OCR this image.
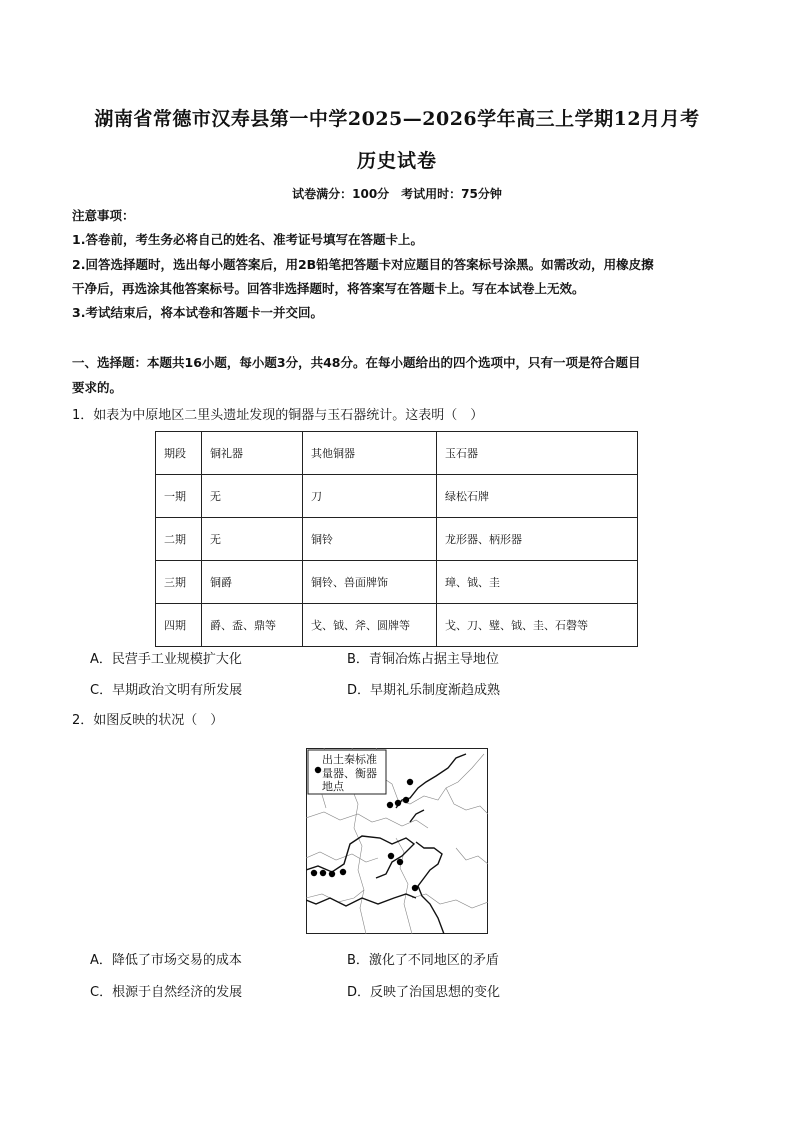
湖南省常德市汉寿县第一中学2025—2026学年高三上学期12月月考
历史试卷
试卷满分：100分　考试用时：75分钟
注意事项：
1.答卷前，考生务必将自己的姓名、准考证号填写在答题卡上。
2.回答选择题时，选出每小题答案后，用2B铅笔把答题卡对应题目的答案标号涂黑。如需改动，用橡皮擦
干净后，再选涂其他答案标号。回答非选择题时，将答案写在答题卡上。写在本试卷上无效。
3.考试结束后，将本试卷和答题卡一并交回。
一、选择题：本题共16小题，每小题3分，共48分。在每小题给出的四个选项中，只有一项是符合题目
要求的。
1．如表为中原地区二里头遗址发现的铜器与玉石器统计。这表明（　）
期段	铜礼器	其他铜器	玉石器
一期	无	刀	绿松石牌
二期	无	铜铃	龙形器、柄形器
三期	铜爵	铜铃、兽面牌饰	璋、钺、圭
四期	爵、盉、鼎等	戈、钺、斧、圆牌等	戈、刀、璧、钺、圭、石磬等
A．民营手工业规模扩大化	B．青铜冶炼占据主导地位
C．早期政治文明有所发展	D．早期礼乐制度渐趋成熟
2．如图反映的状况（　）
出土秦标准
量器、衡器
地点
A．降低了市场交易的成本	B．激化了不同地区的矛盾
C．根源于自然经济的发展	D．反映了治国思想的变化
